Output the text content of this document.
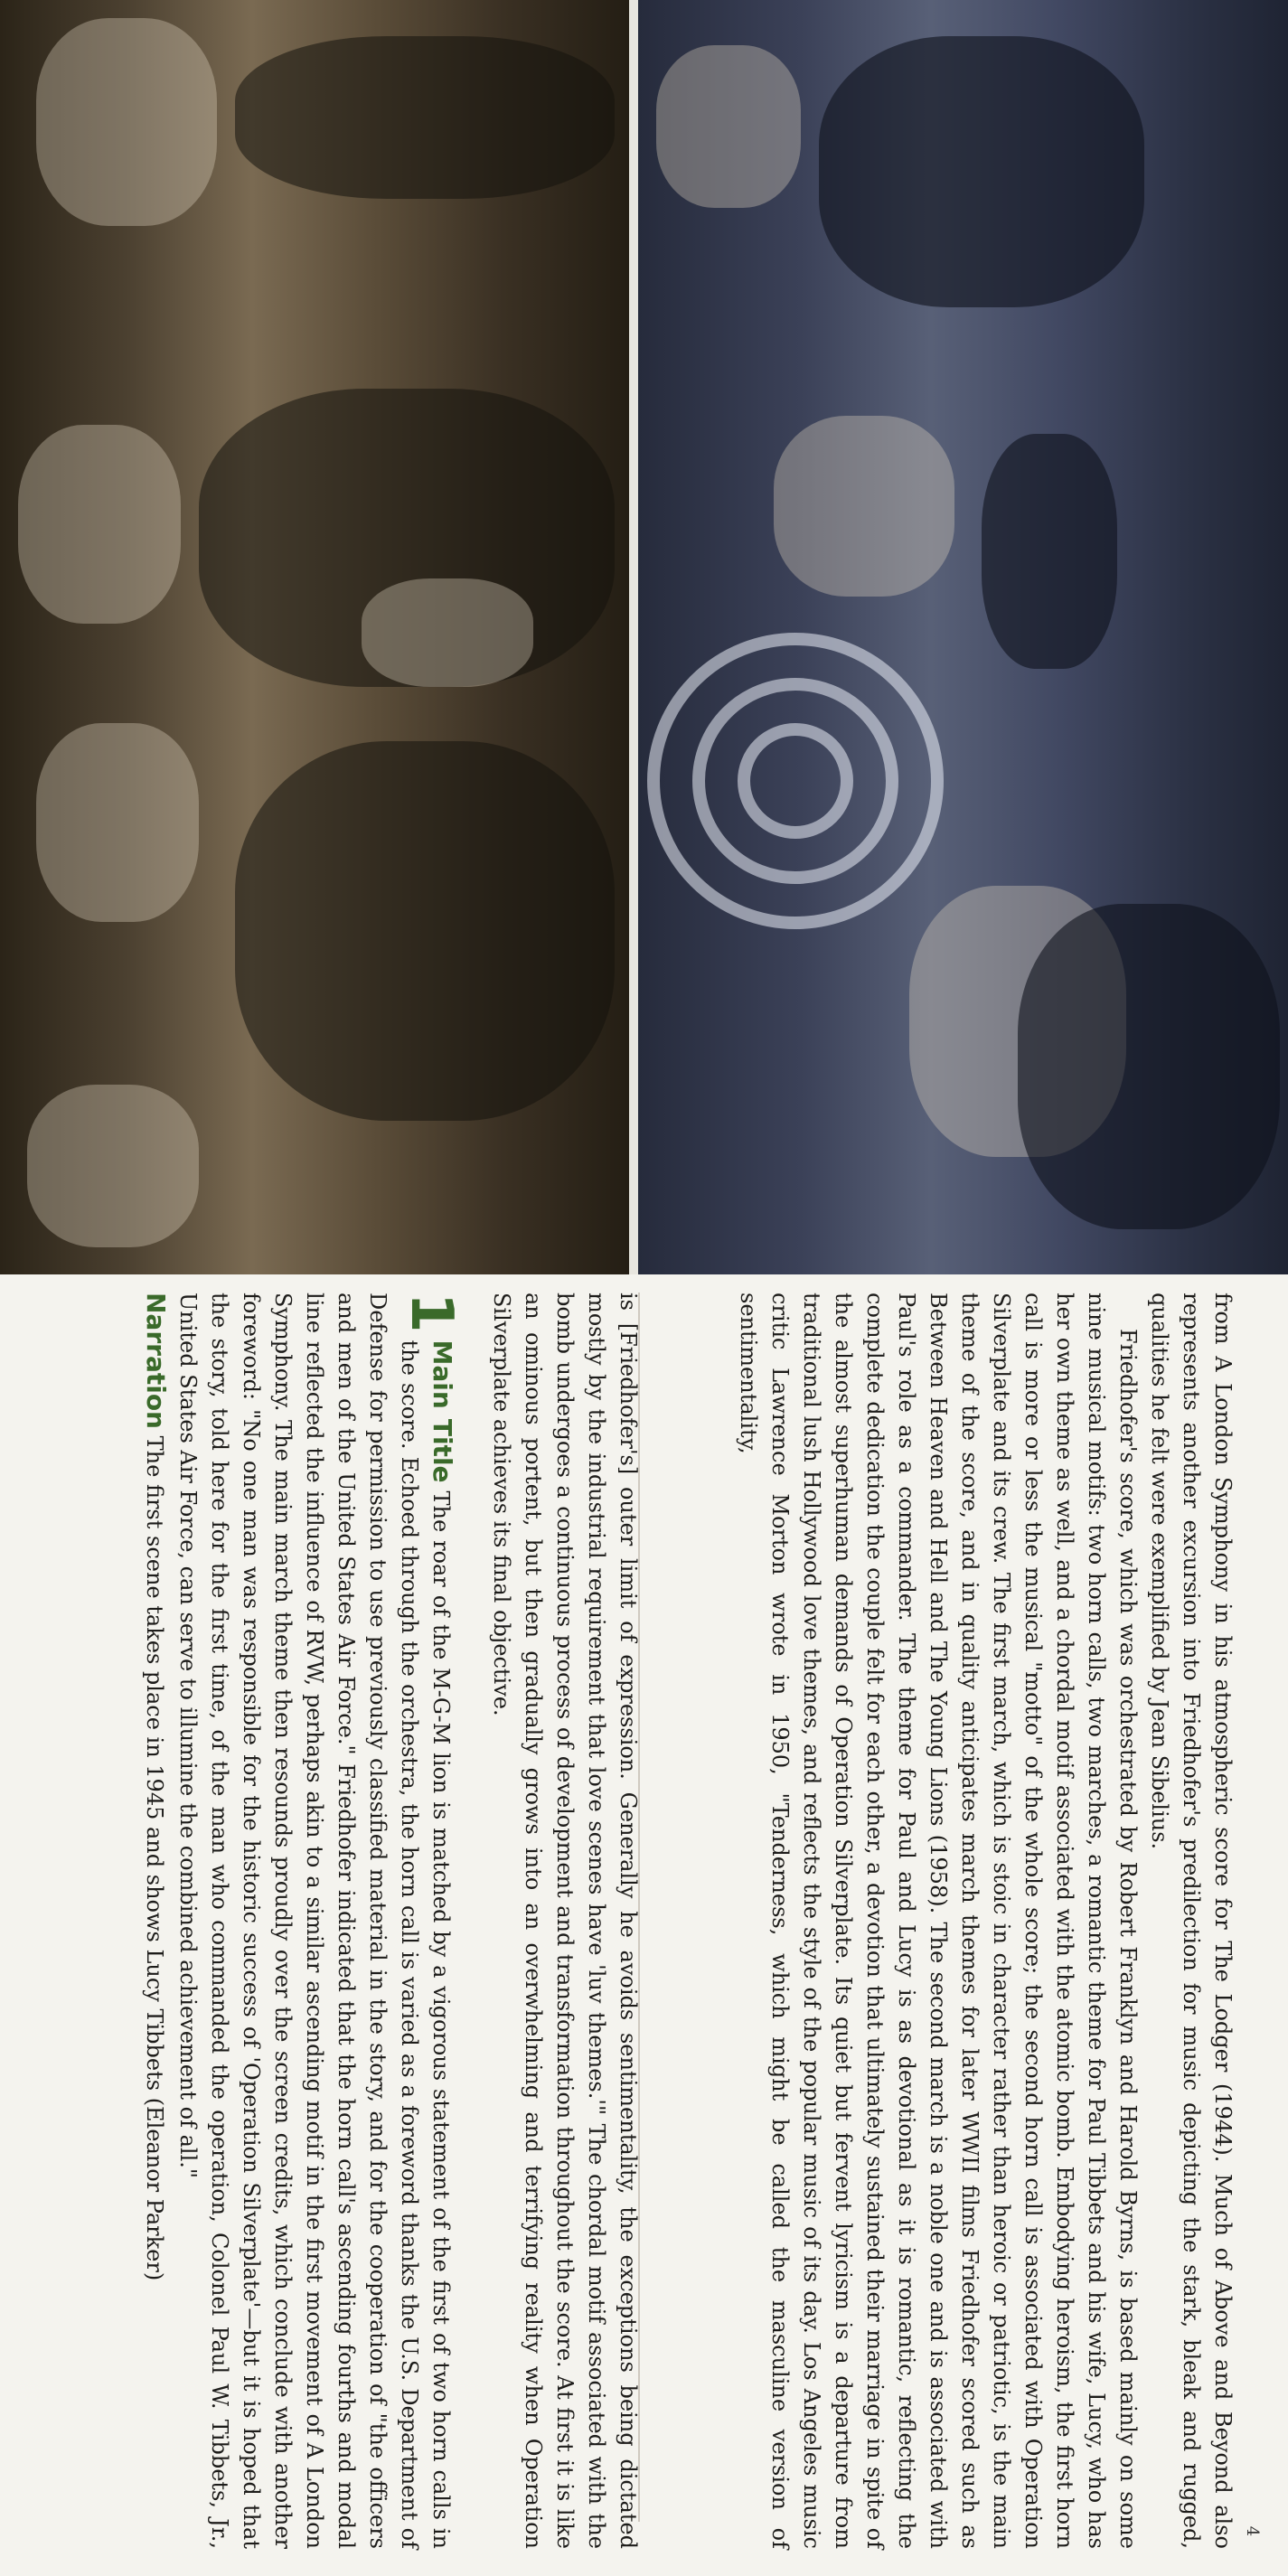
from A London Symphony in his atmospheric score for The Lodger (1944). Much of Above and Beyond also represents another excursion into Friedhofer's predilection for music depicting the stark, bleak and rugged, qualities he felt were exemplified by Jean Sibelius.

Friedhofer's score, which was orchestrated by Robert Franklyn and Harold Byrns, is based mainly on some nine musical motifs: two horn calls, two marches, a romantic theme for Paul Tibbets and his wife, Lucy, who has her own theme as well, and a chordal motif associated with the atomic bomb. Embodying heroism, the first horn call is more or less the musical "motto" of the whole score; the second horn call is associated with Operation Silverplate and its crew. The first march, which is stoic in character rather than heroic or patriotic, is the main theme of the score, and in quality anticipates march themes for later WWII films Friedhofer scored such as Between Heaven and Hell and The Young Lions (1958). The second march is a noble one and is associated with Paul's role as a commander. The theme for Paul and Lucy is as devotional as it is romantic, reflecting the complete dedication the couple felt for each other, a devotion that ultimately sustained their marriage in spite of the almost superhuman demands of Operation Silverplate. Its quiet but fervent lyricism is a departure from traditional lush Hollywood love themes, and reflects the style of the popular music of its day. Los Angeles music critic Lawrence Morton wrote in 1950, "Tenderness, which might be called the masculine version of sentimentality,

is [Friedhofer's] outer limit of expression. Generally he avoids sentimentality, the exceptions being dictated mostly by the industrial requirement that love scenes have 'luv themes.'" The chordal motif associated with the bomb undergoes a continuous process of development and transformation throughout the score. At first it is like an ominous portent, but then gradually grows into an overwhelming and terrifying reality when Operation Silverplate achieves its final objective.

1
Main Title The roar of the M-G-M lion is matched by a vigorous statement of the first of two horn calls in the score. Echoed through the orchestra, the horn call is varied as a foreword thanks the U.S. Department of Defense for permission to use previously classified material in the story, and for the cooperation of "the officers and men of the United States Air Force." Friedhofer indicated that the horn call's ascending fourths and modal line reflected the influence of RVW, perhaps akin to a similar ascending motif in the first movement of A London Symphony. The main march theme then resounds proudly over the screen credits, which conclude with another foreword: "No one man was responsible for the historic success of 'Operation Silverplate'—but it is hoped that the story, told here for the first time, of the man who commanded the operation, Colonel Paul W. Tibbets, Jr., United States Air Force, can serve to illumine the combined achievement of all."

Narration The first scene takes place in 1945 and shows Lucy Tibbets (Eleanor Parker)

4
